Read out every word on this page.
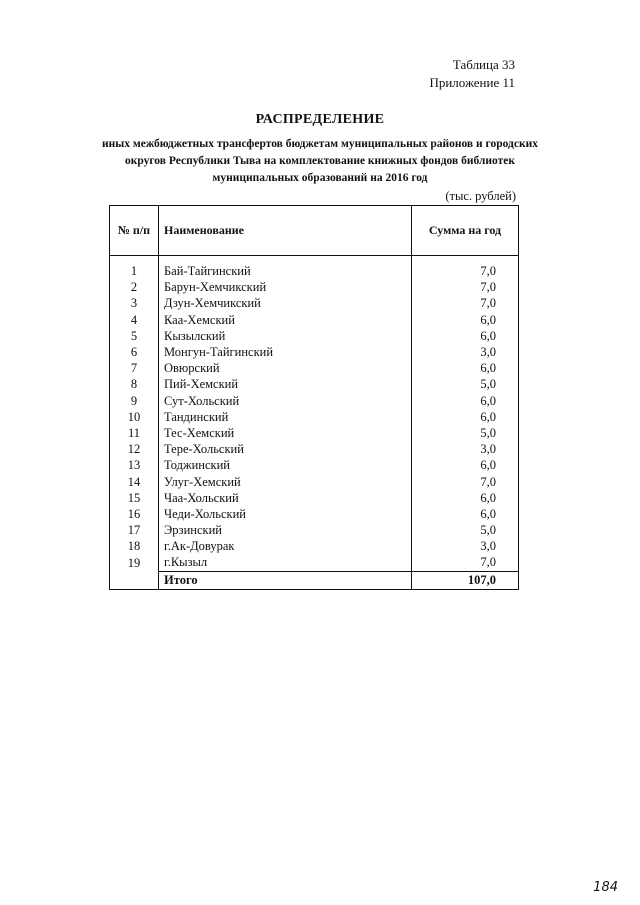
Таблица 33
Приложение 11
РАСПРЕДЕЛЕНИЕ
иных межбюджетных трансфертов бюджетам муниципальных районов и городских округов Республики Тыва на комплектование книжных фондов библиотек муниципальных образований на 2016 год
(тыс. рублей)
№ п/п	Наименование	Сумма на год

1	Бай-Тайгинский	7,0
2	Барун-Хемчикский	7,0
3	Дзун-Хемчикский	7,0
4	Каа-Хемский	6,0
5	Кызылский	6,0
6	Монгун-Тайгинский	3,0
7	Овюрский	6,0
8	Пий-Хемский	5,0
9	Сут-Хольский	6,0
10	Тандинский	6,0
11	Тес-Хемский	5,0
12	Тере-Хольский	3,0
13	Тоджинский	6,0
14	Улуг-Хемский	7,0
15	Чаа-Хольский	6,0
16	Чеди-Хольский	6,0
17	Эрзинский	5,0
18	г.Ак-Довурак	3,0
19	г.Кызыл	7,0
	Итого	107,0
184
